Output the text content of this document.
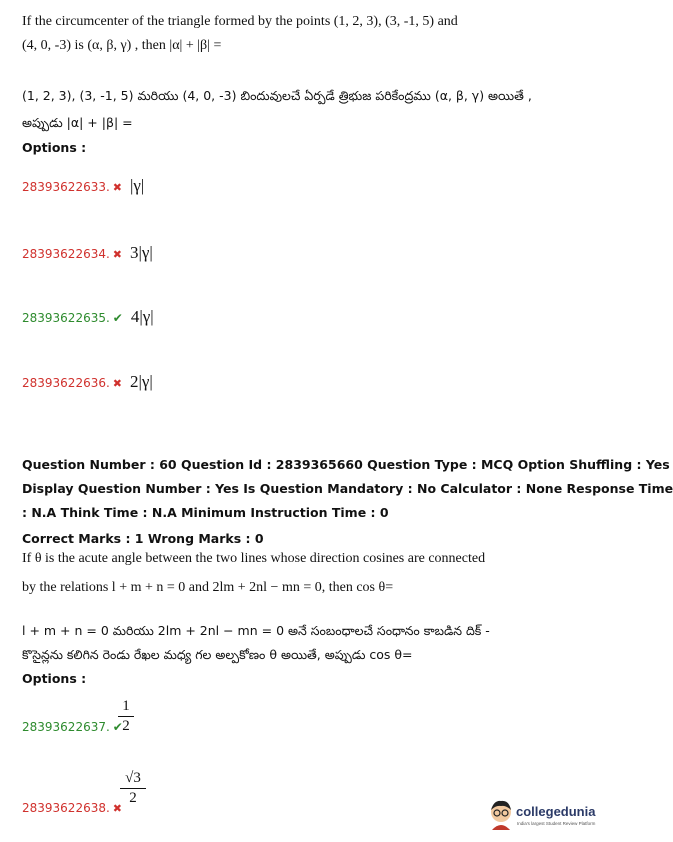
If the circumcenter of the triangle formed by the points (1, 2, 3), (3, -1, 5) and
(4, 0, -3) is (α, β, γ) , then |α| + |β| =
(1, 2, 3), (3, -1, 5) మరియు (4, 0, -3) బిందువులచే ఏర్పడే త్రిభుజ పరికేంద్రము (α, β, γ) అయితే ,
అప్పుడు |α| + |β| =
Options :
28393622633. ✖ |γ|
28393622634. ✖ 3|γ|
28393622635. ✔ 4|γ|
28393622636. ✖ 2|γ|
Question Number : 60 Question Id : 2839365660 Question Type : MCQ Option Shuffling : Yes
Display Question Number : Yes Is Question Mandatory : No Calculator : None Response Time
: N.A Think Time : N.A Minimum Instruction Time : 0
Correct Marks : 1 Wrong Marks : 0
If θ is the acute angle between the two lines whose direction cosines are connected
by the relations l + m + n = 0 and 2lm + 2nl − mn = 0, then cos θ=
l + m + n = 0 మరియు 2lm + 2nl − mn = 0 అనే సంబంధాలచే సంధానం కాబడిన దిక్ -
కొసైన్లను కలిగిన రెండు రేఖల మధ్య గల అల్పకోణం θ అయితే, అప్పుడు cos θ=
Options :
28393622637. ✔
1
2
28393622638. ✖
√3
2
collegedunia
India's largest Student Review Platform
